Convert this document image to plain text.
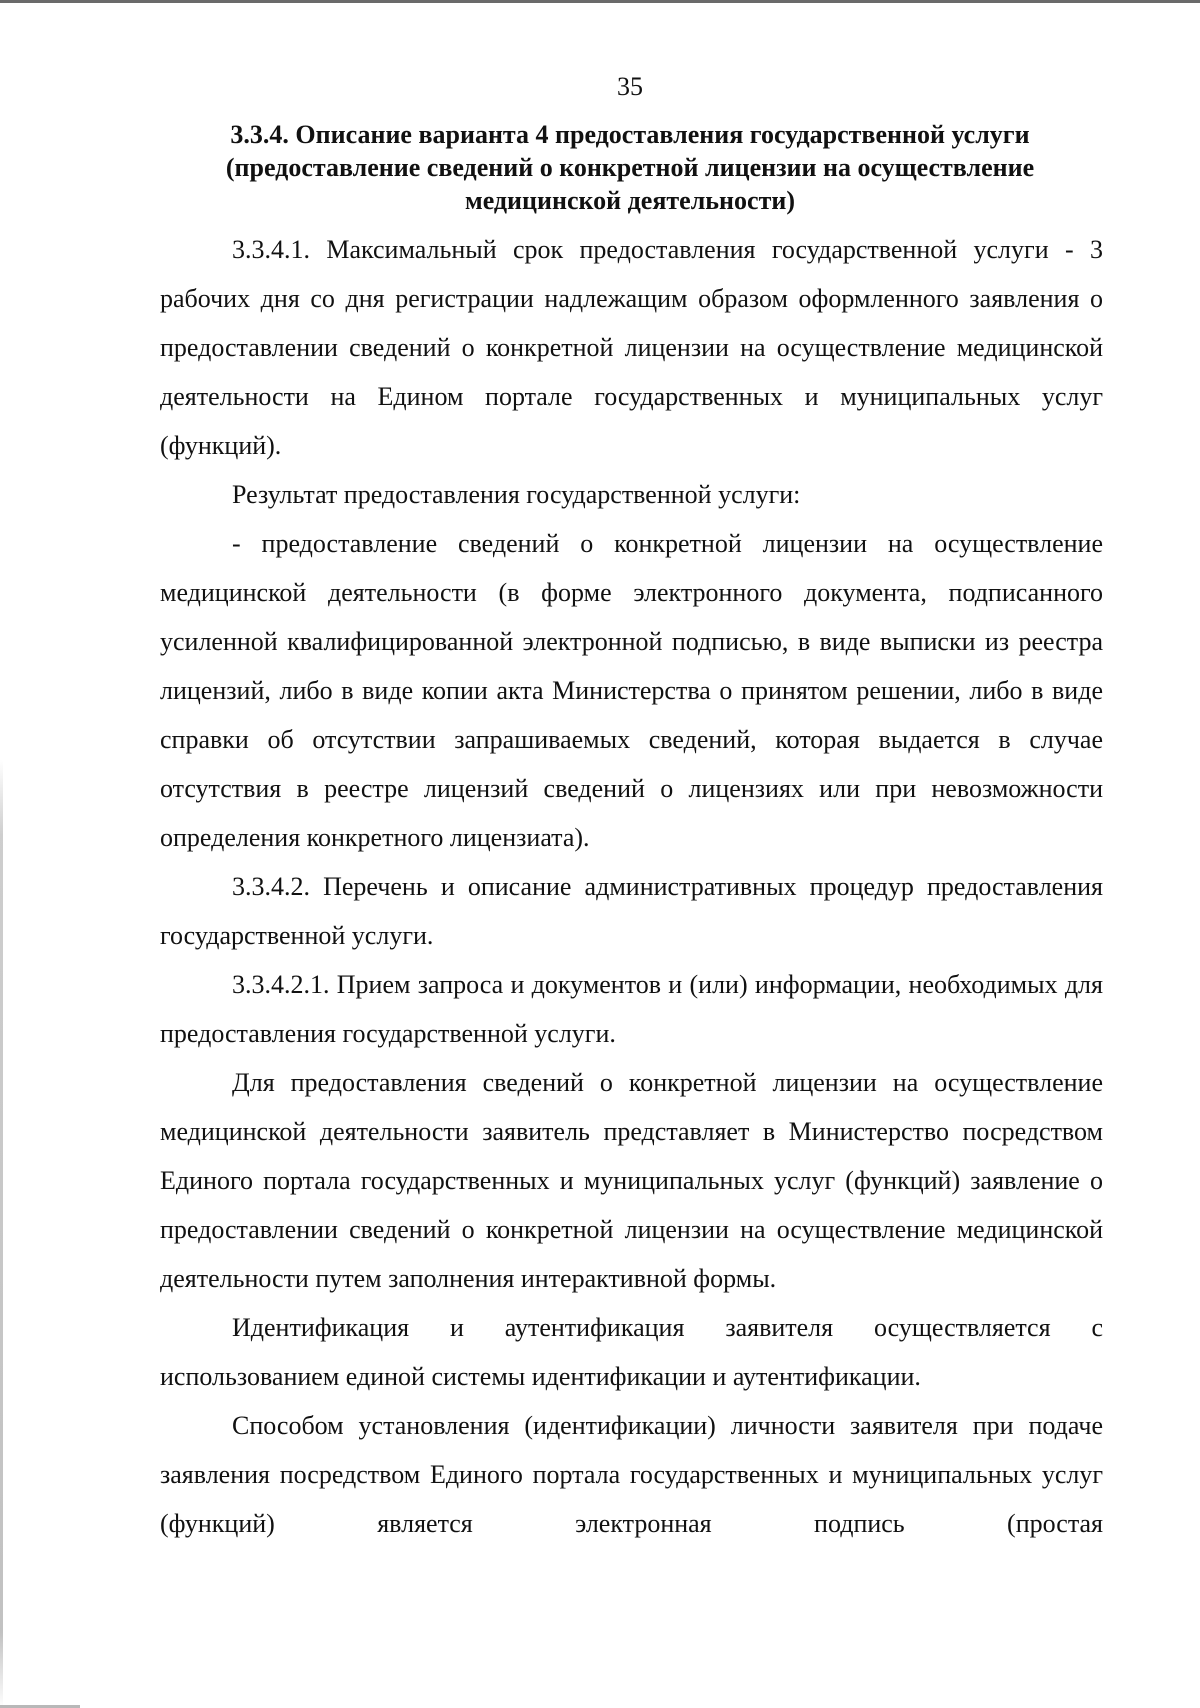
35
3.3.4. Описание варианта 4 предоставления государственной услуги (предоставление сведений о конкретной лицензии на осуществление медицинской деятельности)

3.3.4.1. Максимальный срок предоставления государственной услуги - 3 рабочих дня со дня регистрации надлежащим образом оформленного заявления о предоставлении сведений о конкретной лицензии на осуществление медицинской деятельности на Едином портале государственных и муниципальных услуг (функций).

Результат предоставления государственной услуги:

- предоставление сведений о конкретной лицензии на осуществление медицинской деятельности (в форме электронного документа, подписанного усиленной квалифицированной электронной подписью, в виде выписки из реестра лицензий, либо в виде копии акта Министерства о принятом решении, либо в виде справки об отсутствии запрашиваемых сведений, которая выдается в случае отсутствия в реестре лицензий сведений о лицензиях или при невозможности определения конкретного лицензиата).

3.3.4.2. Перечень и описание административных процедур предоставления государственной услуги.

3.3.4.2.1. Прием запроса и документов и (или) информации, необходимых для предоставления государственной услуги.

Для предоставления сведений о конкретной лицензии на осуществление медицинской деятельности заявитель представляет в Министерство посредством Единого портала государственных и муниципальных услуг (функций) заявление о предоставлении сведений о конкретной лицензии на осуществление медицинской деятельности путем заполнения интерактивной формы.

Идентификация и аутентификация заявителя осуществляется с использованием единой системы идентификации и аутентификации.

Способом установления (идентификации) личности заявителя при подаче заявления посредством Единого портала государственных и муниципальных услуг (функций) является электронная подпись (простая
